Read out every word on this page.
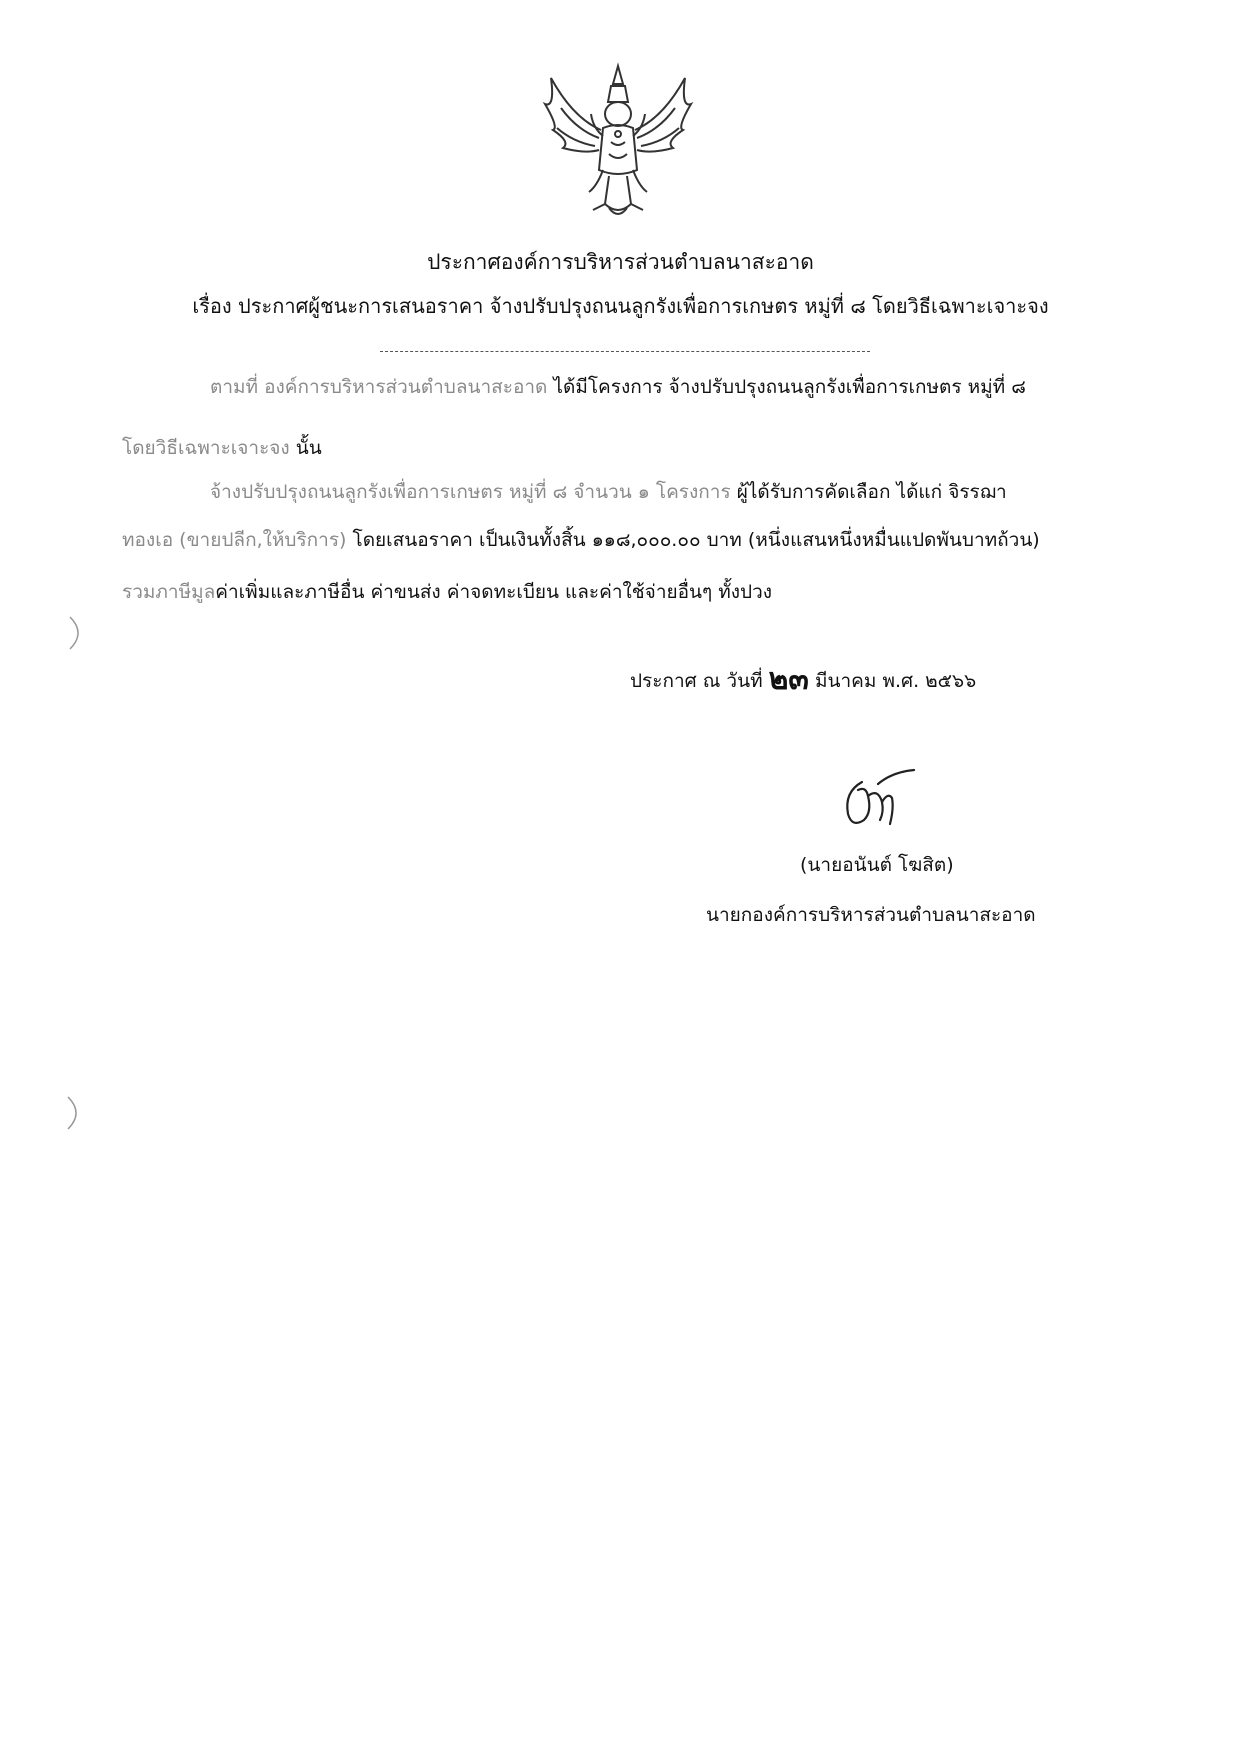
ประกาศองค์การบริหารส่วนตำบลนาสะอาด
เรื่อง ประกาศผู้ชนะการเสนอราคา จ้างปรับปรุงถนนลูกรังเพื่อการเกษตร หมู่ที่ ๘ โดยวิธีเฉพาะเจาะจง
ตามที่ องค์การบริหารส่วนตำบลนาสะอาด ได้มีโครงการ จ้างปรับปรุงถนนลูกรังเพื่อการเกษตร หมู่ที่ ๘
โดยวิธีเฉพาะเจาะจง นั้น
จ้างปรับปรุงถนนลูกรังเพื่อการเกษตร หมู่ที่ ๘ จำนวน ๑ โครงการ ผู้ได้รับการคัดเลือก ได้แก่ จิรรฌา
ทองเอ (ขายปลีก,ให้บริการ) โดยเสนอราคา เป็นเงินทั้งสิ้น ๑๑๘,๐๐๐.๐๐ บาท (หนึ่งแสนหนึ่งหมื่นแปดพันบาทถ้วน)
รวมภาษีมูลค่าเพิ่มและภาษีอื่น ค่าขนส่ง ค่าจดทะเบียน และค่าใช้จ่ายอื่นๆ ทั้งปวง
ประกาศ ณ วันที่ ๒๓ มีนาคม พ.ศ. ๒๕๖๖
(นายอนันต์ โฆสิต)
นายกองค์การบริหารส่วนตำบลนาสะอาด
